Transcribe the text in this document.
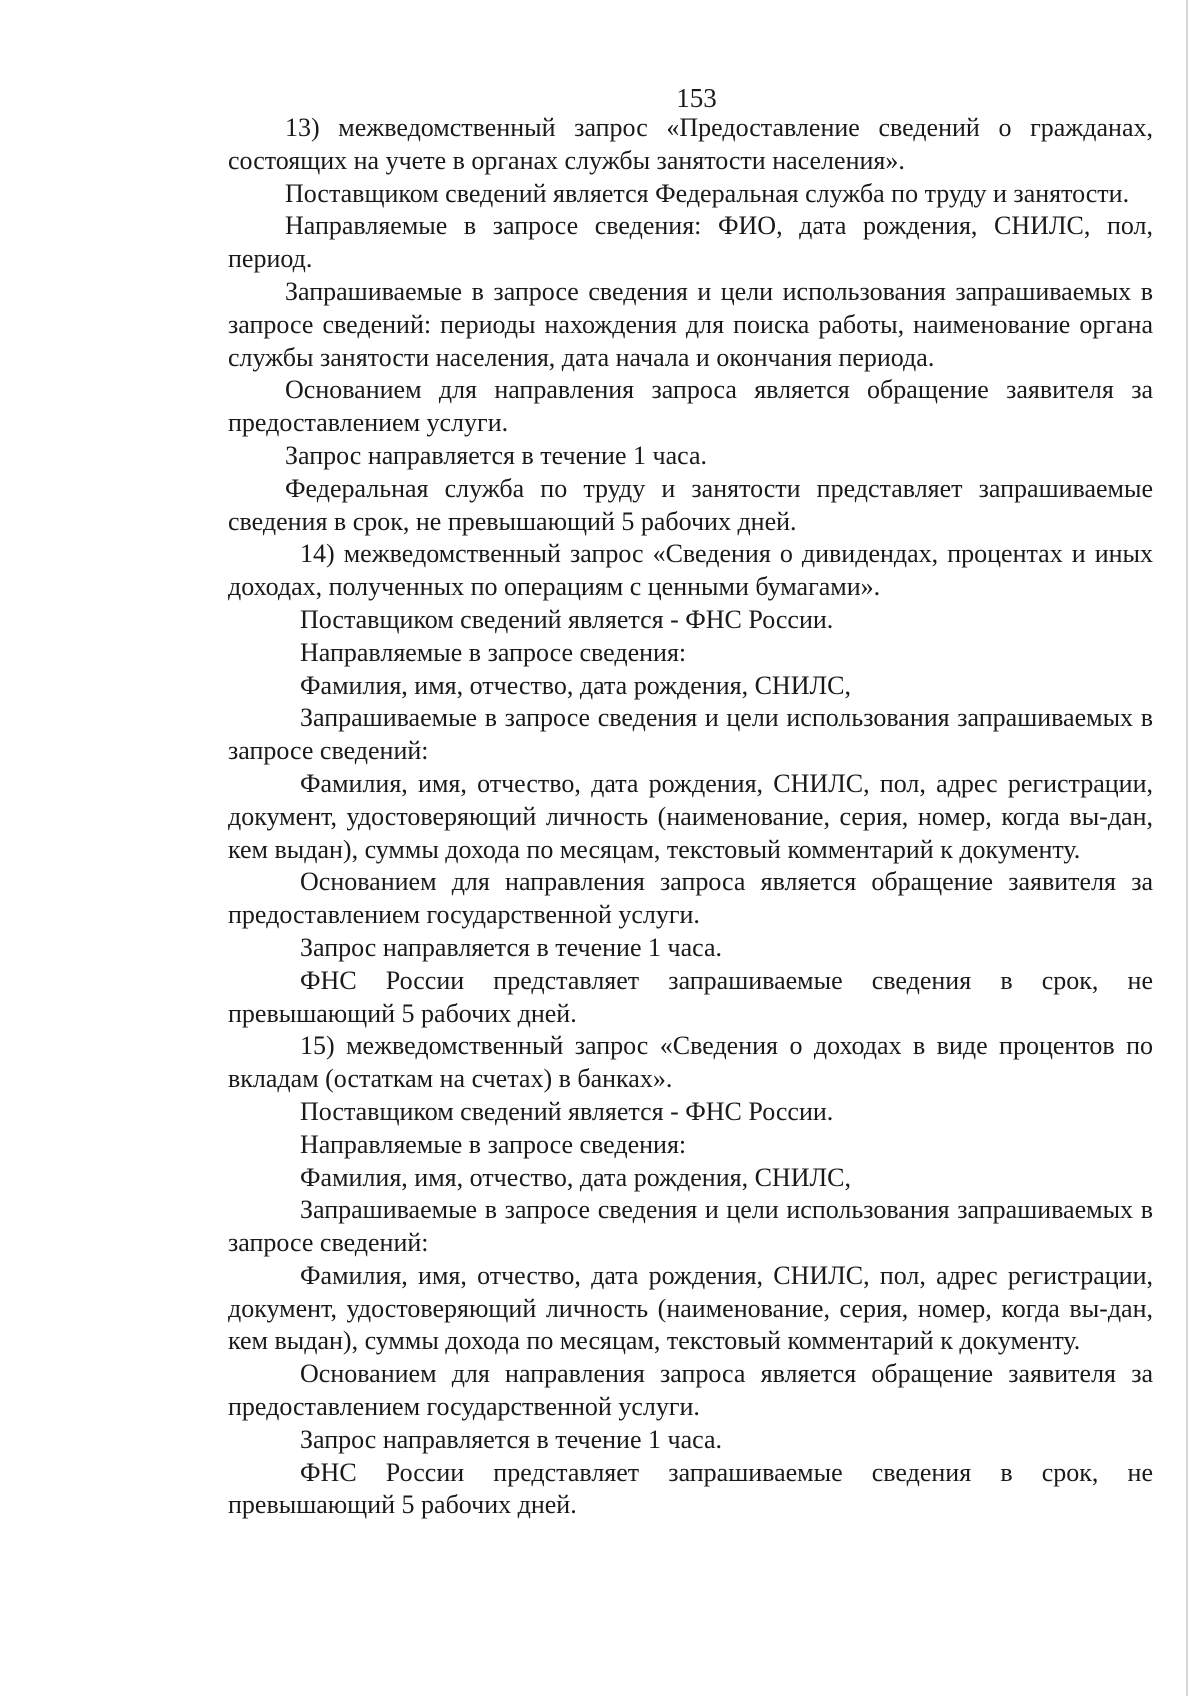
153

13) межведомственный запрос «Предоставление сведений о гражданах, состоящих на учете в органах службы занятости населения».

Поставщиком сведений является Федеральная служба по труду и занятости.

Направляемые в запросе сведения: ФИО, дата рождения, СНИЛС, пол, период.

Запрашиваемые в запросе сведения и цели использования запрашиваемых в запросе сведений: периоды нахождения для поиска работы, наименование органа службы занятости населения, дата начала и окончания периода.

Основанием для направления запроса является обращение заявителя за предоставлением услуги.

Запрос направляется в течение 1 часа.

Федеральная служба по труду и занятости представляет запрашиваемые сведения в срок, не превышающий 5 рабочих дней.

14) межведомственный запрос «Сведения о дивидендах, процентах и иных доходах, полученных по операциям с ценными бумагами».

Поставщиком сведений является - ФНС России.

Направляемые в запросе сведения:

Фамилия, имя, отчество, дата рождения, СНИЛС,

Запрашиваемые в запросе сведения и цели использования запрашиваемых в запросе сведений:

Фамилия, имя, отчество, дата рождения, СНИЛС, пол, адрес регистрации, документ, удостоверяющий личность (наименование, серия, номер, когда вы-дан, кем выдан), суммы дохода по месяцам, текстовый комментарий к документу.

Основанием для направления запроса является обращение заявителя за предоставлением государственной услуги.

Запрос направляется в течение 1 часа.

ФНС России представляет запрашиваемые сведения в срок, не превышающий 5 рабочих дней.

15) межведомственный запрос «Сведения о доходах в виде процентов по вкладам (остаткам на счетах) в банках».

Поставщиком сведений является - ФНС России.

Направляемые в запросе сведения:

Фамилия, имя, отчество, дата рождения, СНИЛС,

Запрашиваемые в запросе сведения и цели использования запрашиваемых в запросе сведений:

Фамилия, имя, отчество, дата рождения, СНИЛС, пол, адрес регистрации, документ, удостоверяющий личность (наименование, серия, номер, когда вы-дан, кем выдан), суммы дохода по месяцам, текстовый комментарий к документу.

Основанием для направления запроса является обращение заявителя за предоставлением государственной услуги.

Запрос направляется в течение 1 часа.

ФНС России представляет запрашиваемые сведения в срок, не превышающий 5 рабочих дней.
